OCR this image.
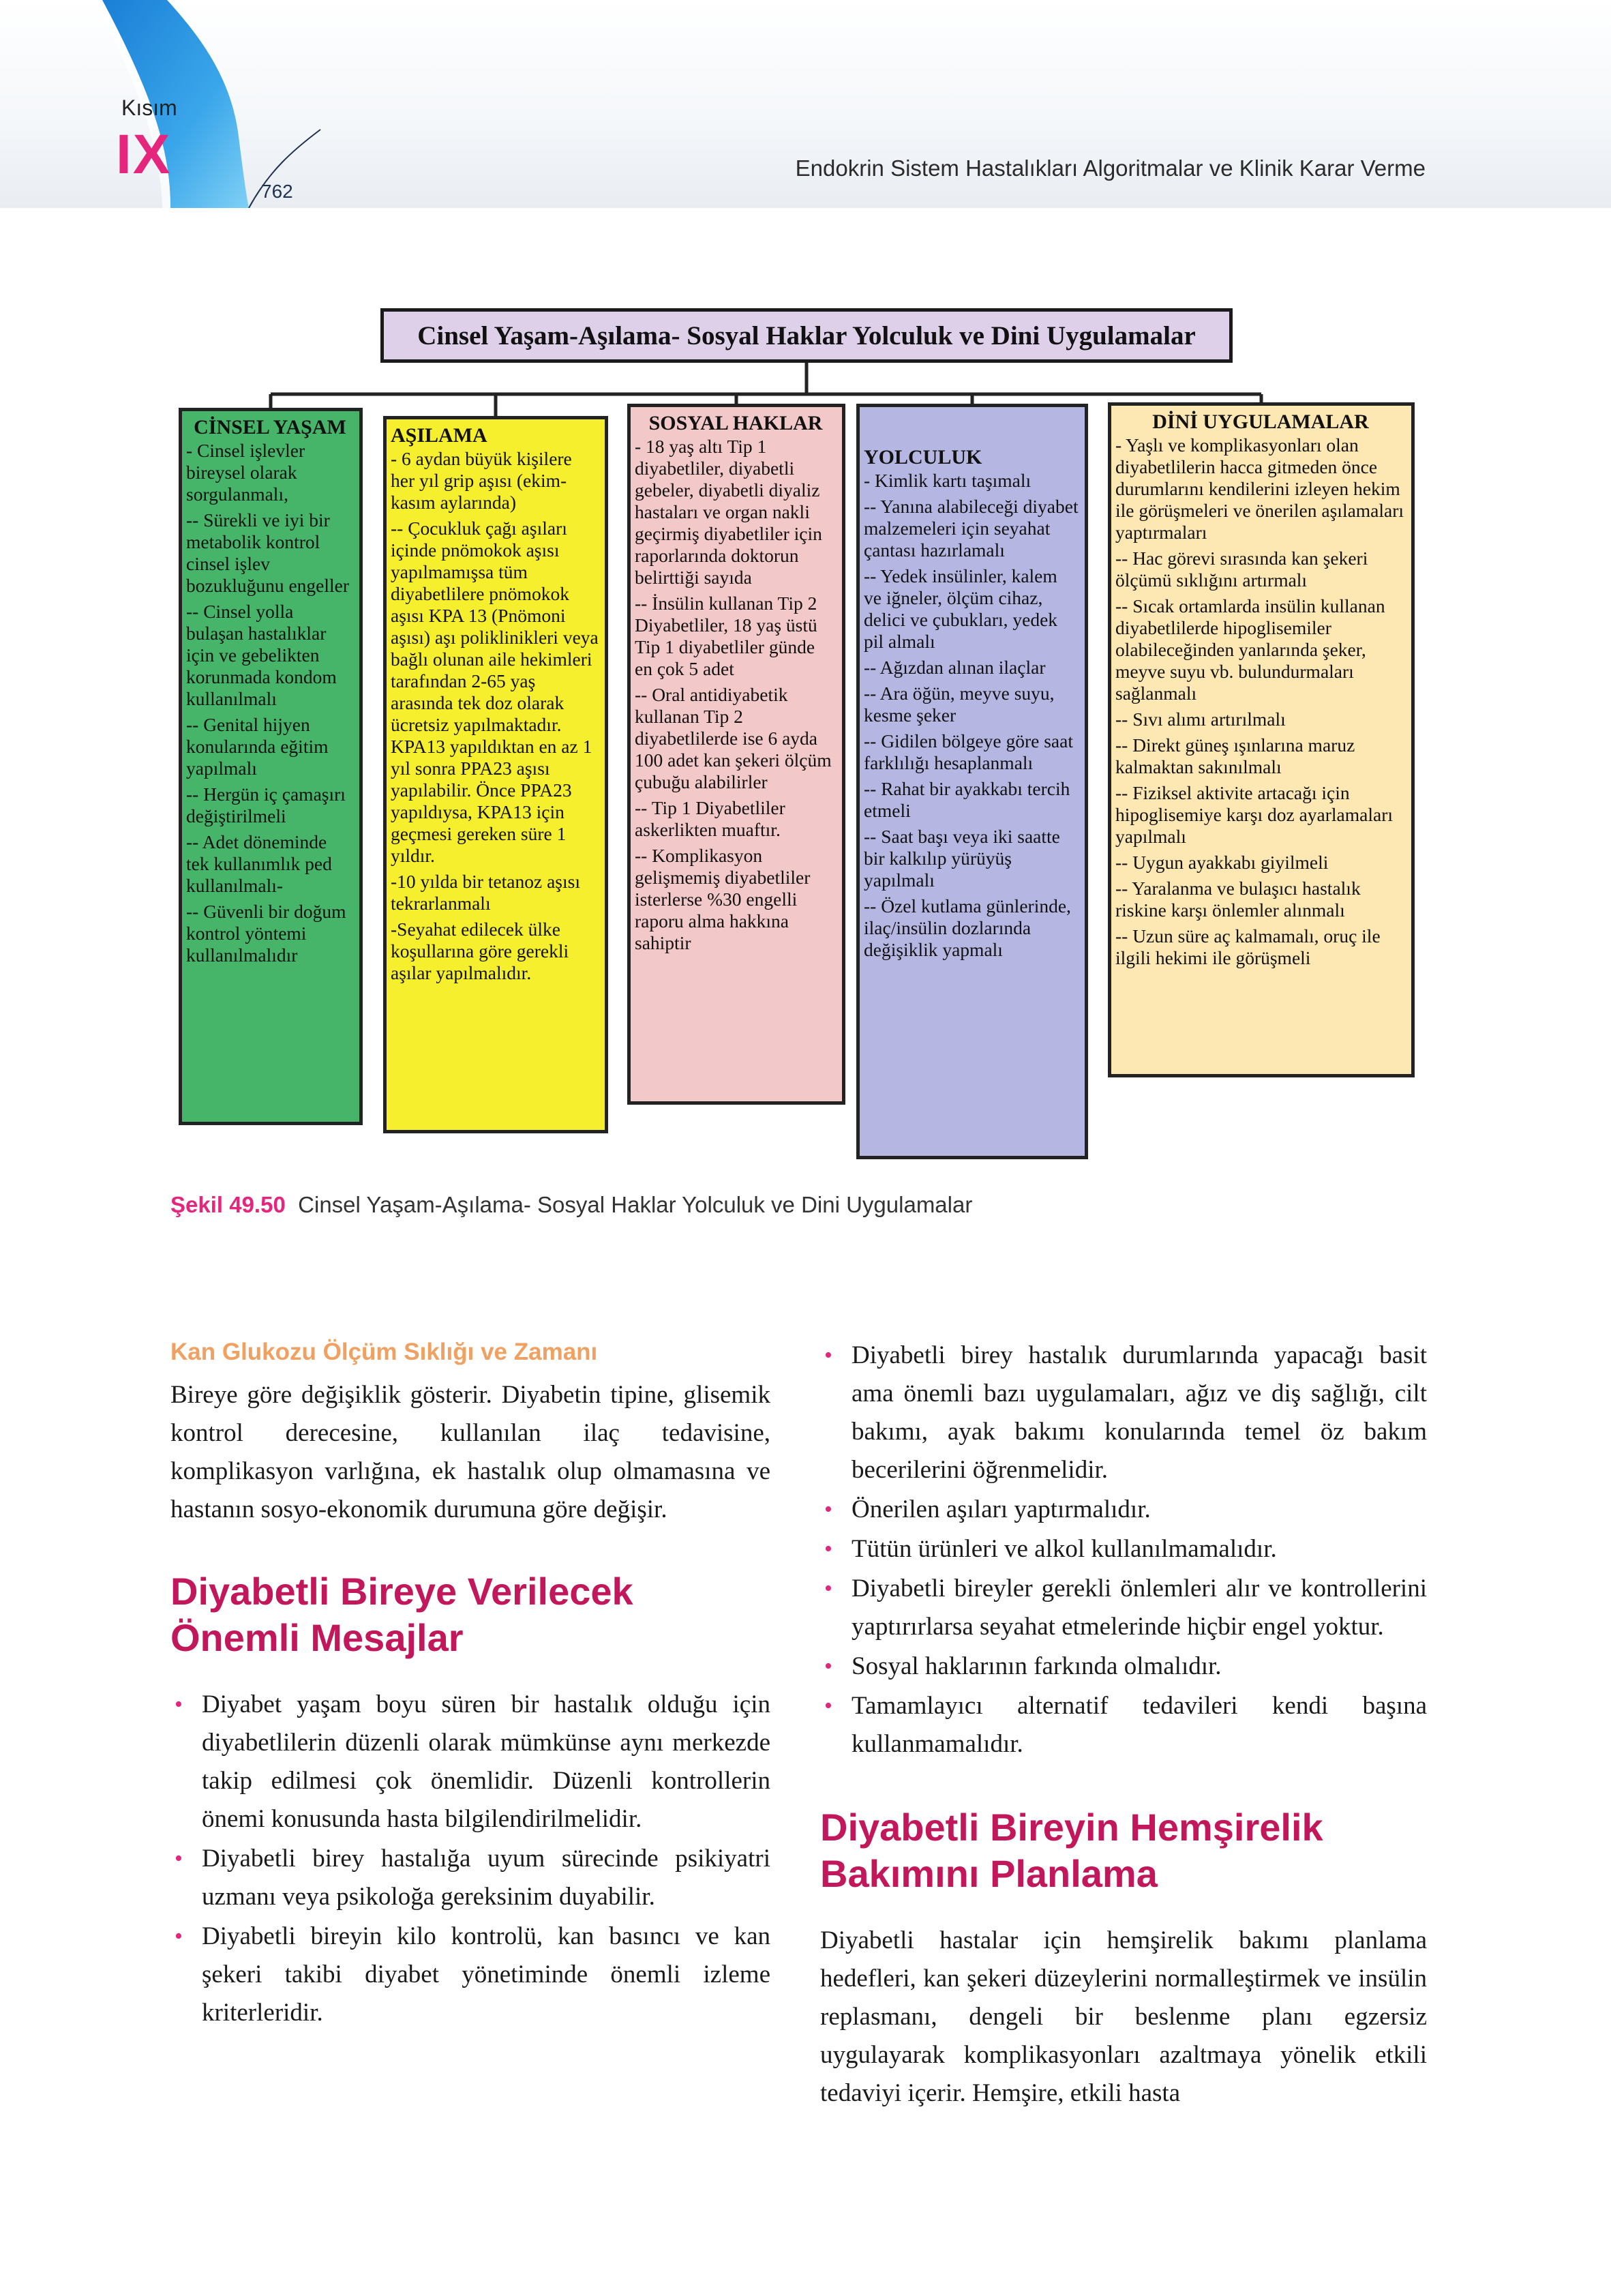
Kısım
IX
762
Endokrin Sistem Hastalıkları Algoritmalar ve Klinik Karar Verme
Cinsel Yaşam-Aşılama- Sosyal Haklar Yolculuk ve Dini Uygulamalar
CİNSEL YAŞAM
- Cinsel işlevler bireysel olarak sorgulanmalı,
-- Sürekli ve iyi bir metabolik kontrol cinsel işlev bozukluğunu engeller
-- Cinsel yolla bulaşan hastalıklar için ve gebelikten korunmada kondom kullanılmalı
-- Genital hijyen konularında eğitim yapılmalı
-- Hergün iç çamaşırı değiştirilmeli
-- Adet döneminde tek kullanımlık ped kullanılmalı-
-- Güvenli bir doğum kontrol yöntemi kullanılmalıdır
AŞILAMA
- 6 aydan büyük kişilere her yıl grip aşısı (ekim-kasım aylarında)
-- Çocukluk çağı aşıları içinde pnömokok aşısı yapılmamışsa tüm diyabetlilere pnömokok aşısı KPA 13 (Pnömoni aşısı) aşı poliklinikleri veya bağlı olunan aile hekimleri tarafından 2-65 yaş arasında tek doz olarak ücretsiz yapılmaktadır. KPA13 yapıldıktan en az 1 yıl sonra PPA23 aşısı yapılabilir. Önce PPA23 yapıldıysa, KPA13 için geçmesi gereken süre 1 yıldır.
-10 yılda bir tetanoz aşısı tekrarlanmalı
-Seyahat edilecek ülke koşullarına göre gerekli aşılar yapılmalıdır.
SOSYAL HAKLAR
- 18 yaş altı Tip 1 diyabetliler, diyabetli gebeler, diyabetli diyaliz hastaları ve organ nakli geçirmiş diyabetliler için raporlarında doktorun belirttiği sayıda
-- İnsülin kullanan Tip 2 Diyabetliler, 18 yaş üstü Tip 1 diyabetliler günde en çok 5 adet
-- Oral antidiyabetik kullanan Tip 2 diyabetlilerde ise 6 ayda 100 adet kan şekeri ölçüm çubuğu alabilirler
-- Tip 1 Diyabetliler askerlikten muaftır.
-- Komplikasyon gelişmemiş diyabetliler isterlerse %30 engelli raporu alma hakkına sahiptir
YOLCULUK
- Kimlik kartı taşımalı
-- Yanına alabileceği diyabet malzemeleri için seyahat çantası hazırlamalı
-- Yedek insülinler, kalem ve iğneler, ölçüm cihaz, delici ve çubukları, yedek pil almalı
-- Ağızdan alınan ilaçlar
-- Ara öğün, meyve suyu, kesme şeker
-- Gidilen bölgeye göre saat farklılığı hesaplanmalı
-- Rahat bir ayakkabı tercih etmeli
-- Saat başı veya iki saatte bir kalkılıp yürüyüş yapılmalı
-- Özel kutlama günlerinde, ilaç/insülin dozlarında değişiklik yapmalı
DİNİ UYGULAMALAR
- Yaşlı ve komplikasyonları olan diyabetlilerin hacca gitmeden önce durumlarını kendilerini izleyen hekim ile görüşmeleri ve önerilen aşılamaları yaptırmaları
-- Hac görevi sırasında kan şekeri ölçümü sıklığını artırmalı
-- Sıcak ortamlarda insülin kullanan diyabetlilerde hipoglisemiler olabileceğinden yanlarında şeker, meyve suyu vb. bulundurmaları sağlanmalı
-- Sıvı alımı artırılmalı
-- Direkt güneş ışınlarına maruz kalmaktan sakınılmalı
-- Fiziksel aktivite artacağı için hipoglisemiye karşı doz ayarlamaları yapılmalı
-- Uygun ayakkabı giyilmeli
-- Yaralanma ve bulaşıcı hastalık riskine karşı önlemler alınmalı
-- Uzun süre aç kalmamalı, oruç ile ilgili hekimi ile görüşmeli
Şekil 49.50 Cinsel Yaşam-Aşılama- Sosyal Haklar Yolculuk ve Dini Uygulamalar
Kan Glukozu Ölçüm Sıklığı ve Zamanı

Bireye göre değişiklik gösterir. Diyabetin tipine, glisemik kontrol derecesine, kullanılan ilaç tedavisine, komplikasyon varlığına, ek hastalık olup olmamasına ve hastanın sosyo-ekonomik durumuna göre değişir.

Diyabetli Bireye Verilecek Önemli Mesajlar
• Diyabet yaşam boyu süren bir hastalık olduğu için diyabetlilerin düzenli olarak mümkünse aynı merkezde takip edilmesi çok önemlidir. Düzenli kontrollerin önemi konusunda hasta bilgilendirilmelidir.
• Diyabetli birey hastalığa uyum sürecinde psikiyatri uzmanı veya psikoloğa gereksinim duyabilir.
• Diyabetli bireyin kilo kontrolü, kan basıncı ve kan şekeri takibi diyabet yönetiminde önemli izleme kriterleridir.
• Diyabetli birey hastalık durumlarında yapacağı basit ama önemli bazı uygulamaları, ağız ve diş sağlığı, cilt bakımı, ayak bakımı konularında temel öz bakım becerilerini öğrenmelidir.
• Önerilen aşıları yaptırmalıdır.
• Tütün ürünleri ve alkol kullanılmamalıdır.
• Diyabetli bireyler gerekli önlemleri alır ve kontrollerini yaptırırlarsa seyahat etmelerinde hiçbir engel yoktur.
• Sosyal haklarının farkında olmalıdır.
• Tamamlayıcı alternatif tedavileri kendi başına kullanmamalıdır.
Diyabetli Bireyin Hemşirelik Bakımını Planlama

Diyabetli hastalar için hemşirelik bakımı planlama hedefleri, kan şekeri düzeylerini normalleştirmek ve insülin replasmanı, dengeli bir beslenme planı egzersiz uygulayarak komplikasyonları azaltmaya yönelik etkili tedaviyi içerir. Hemşire, etkili hasta
